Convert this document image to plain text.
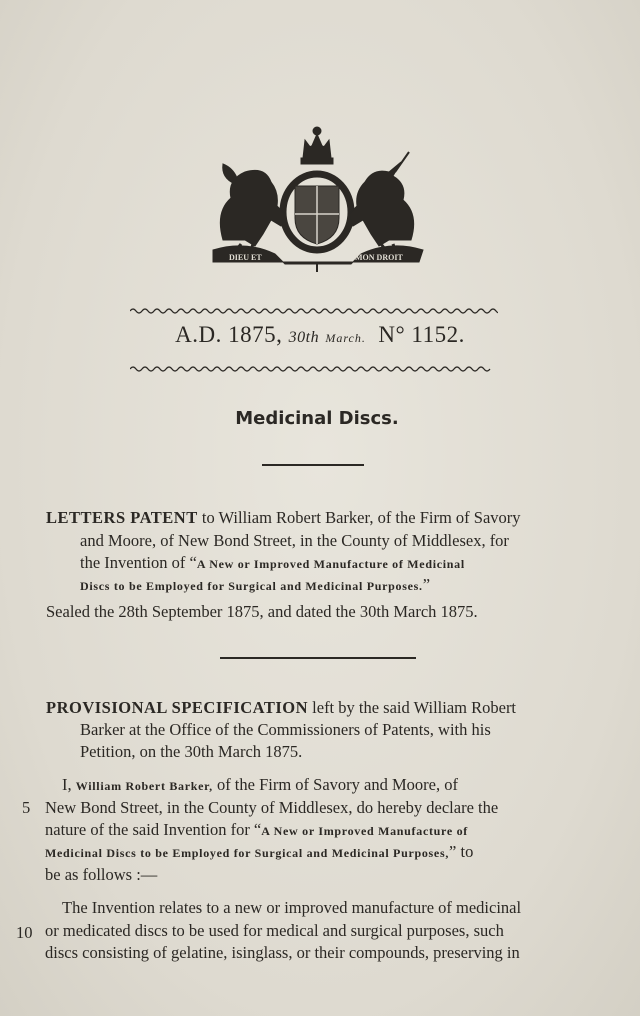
DIEU ET	MON DROIT
A.D. 1875, 30th March. N° 1152.
Medicinal Discs.
LETTERS PATENT to William Robert Barker, of the Firm of Savory
and Moore, of New Bond Street, in the County of Middlesex, for
the Invention of “A New or Improved Manufacture of Medicinal
Discs to be Employed for Surgical and Medicinal Purposes.”
Sealed the 28th September 1875, and dated the 30th March 1875.
PROVISIONAL SPECIFICATION left by the said William Robert
Barker at the Office of the Commissioners of Patents, with his
Petition, on the 30th March 1875.
I, William Robert Barker, of the Firm of Savory and Moore, of
5 New Bond Street, in the County of Middlesex, do hereby declare the
nature of the said Invention for “A New or Improved Manufacture of
Medicinal Discs to be Employed for Surgical and Medicinal Purposes,” to
be as follows :—
The Invention relates to a new or improved manufacture of medicinal
10 or medicated discs to be used for medical and surgical purposes, such
discs consisting of gelatine, isinglass, or their compounds, preserving in
